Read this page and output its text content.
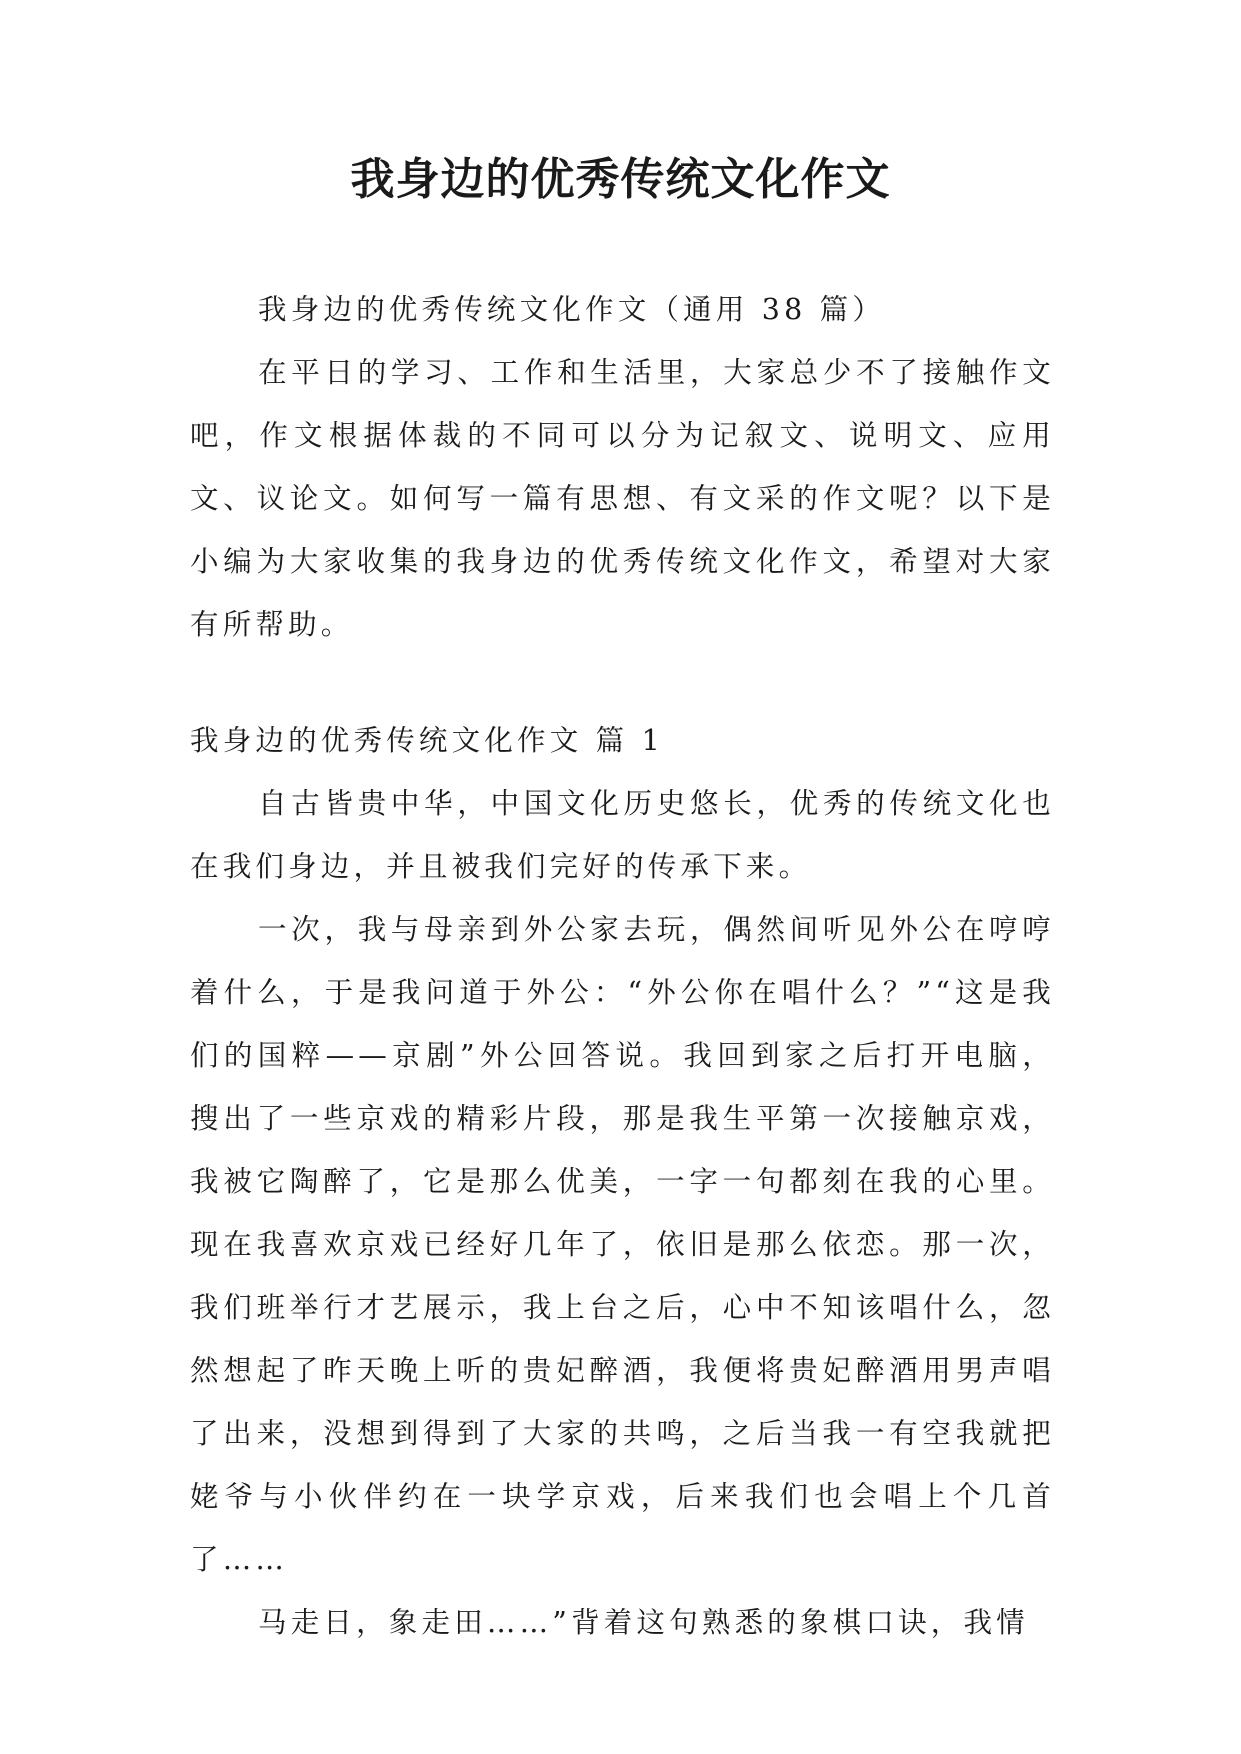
我身边的优秀传统文化作文

我身边的优秀传统文化作文（通用 38 篇）

在平日的学习、工作和生活里，大家总少不了接触作文吧，作文根据体裁的不同可以分为记叙文、说明文、应用文、议论文。如何写一篇有思想、有文采的作文呢？以下是小编为大家收集的我身边的优秀传统文化作文，希望对大家有所帮助。

我身边的优秀传统文化作文 篇 1

自古皆贵中华，中国文化历史悠长，优秀的传统文化也在我们身边，并且被我们完好的传承下来。

一次，我与母亲到外公家去玩，偶然间听见外公在哼哼着什么，于是我问道于外公：“外公你在唱什么？”“这是我们的国粹——京剧”外公回答说。我回到家之后打开电脑，搜出了一些京戏的精彩片段，那是我生平第一次接触京戏，我被它陶醉了，它是那么优美，一字一句都刻在我的心里。现在我喜欢京戏已经好几年了，依旧是那么依恋。那一次，我们班举行才艺展示，我上台之后，心中不知该唱什么，忽然想起了昨天晚上听的贵妃醉酒，我便将贵妃醉酒用男声唱了出来，没想到得到了大家的共鸣，之后当我一有空我就把姥爷与小伙伴约在一块学京戏，后来我们也会唱上个几首了……

马走日，象走田……”背着这句熟悉的象棋口诀，我情
